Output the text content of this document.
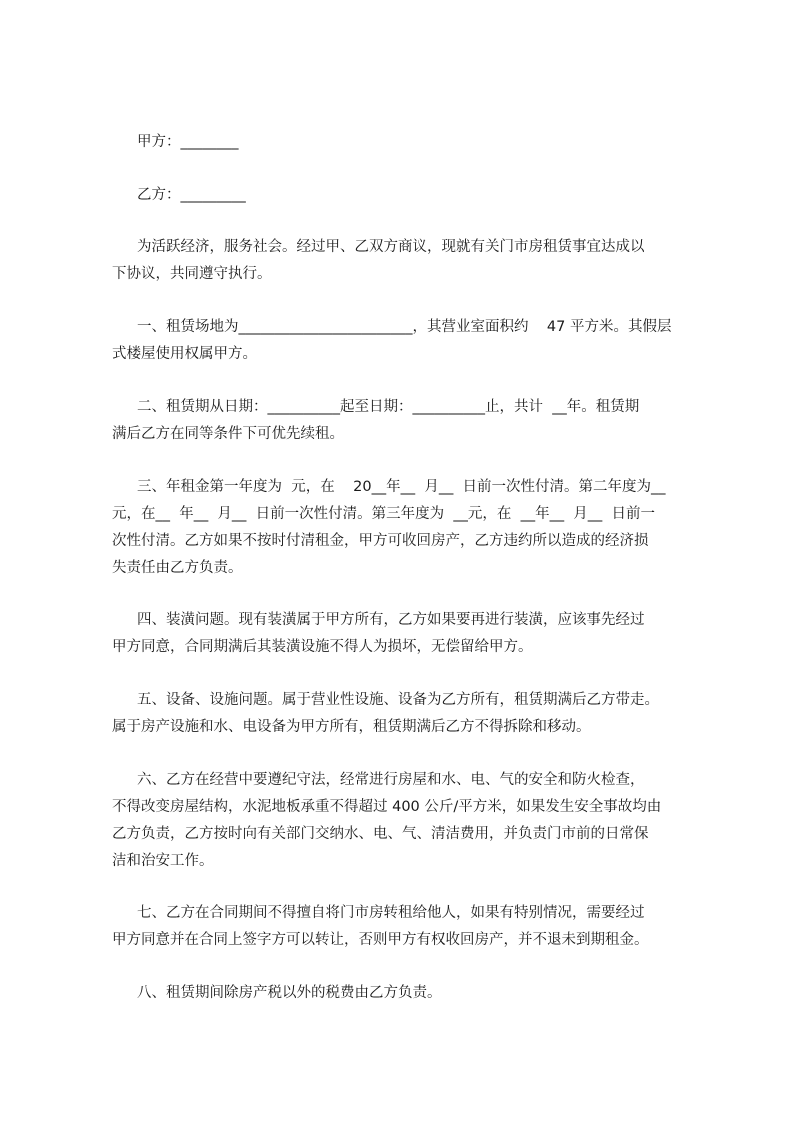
甲方：________

乙方：_________

为活跃经济，服务社会。经过甲、乙双方商议，现就有关门市房租赁事宜达成以

下协议，共同遵守执行。

一、租赁场地为________________________，其营业室面积约    47 平方米。其假层

式楼屋使用权属甲方。

二、租赁期从日期：__________起至日期：__________止，共计  __年。租赁期

满后乙方在同等条件下可优先续租。

三、年租金第一年度为  元，在    20__年__  月__  日前一次性付清。第二年度为__

元，在__  年__  月__  日前一次性付清。第三年度为  __元，在  __年__  月__  日前一

次性付清。乙方如果不按时付清租金，甲方可收回房产，乙方违约所以造成的经济损

失责任由乙方负责。

四、装潢问题。现有装潢属于甲方所有，乙方如果要再进行装潢，应该事先经过

甲方同意，合同期满后其装潢设施不得人为损坏，无偿留给甲方。

五、设备、设施问题。属于营业性设施、设备为乙方所有，租赁期满后乙方带走。

属于房产设施和水、电设备为甲方所有，租赁期满后乙方不得拆除和移动。

六、乙方在经营中要遵纪守法，经常进行房屋和水、电、气的安全和防火检查，

不得改变房屋结构，水泥地板承重不得超过 400 公斤/平方米，如果发生安全事故均由

乙方负责，乙方按时向有关部门交纳水、电、气、清洁费用，并负责门市前的日常保

洁和治安工作。

七、乙方在合同期间不得擅自将门市房转租给他人，如果有特别情况，需要经过

甲方同意并在合同上签字方可以转让，否则甲方有权收回房产，并不退未到期租金。

八、租赁期间除房产税以外的税费由乙方负责。
